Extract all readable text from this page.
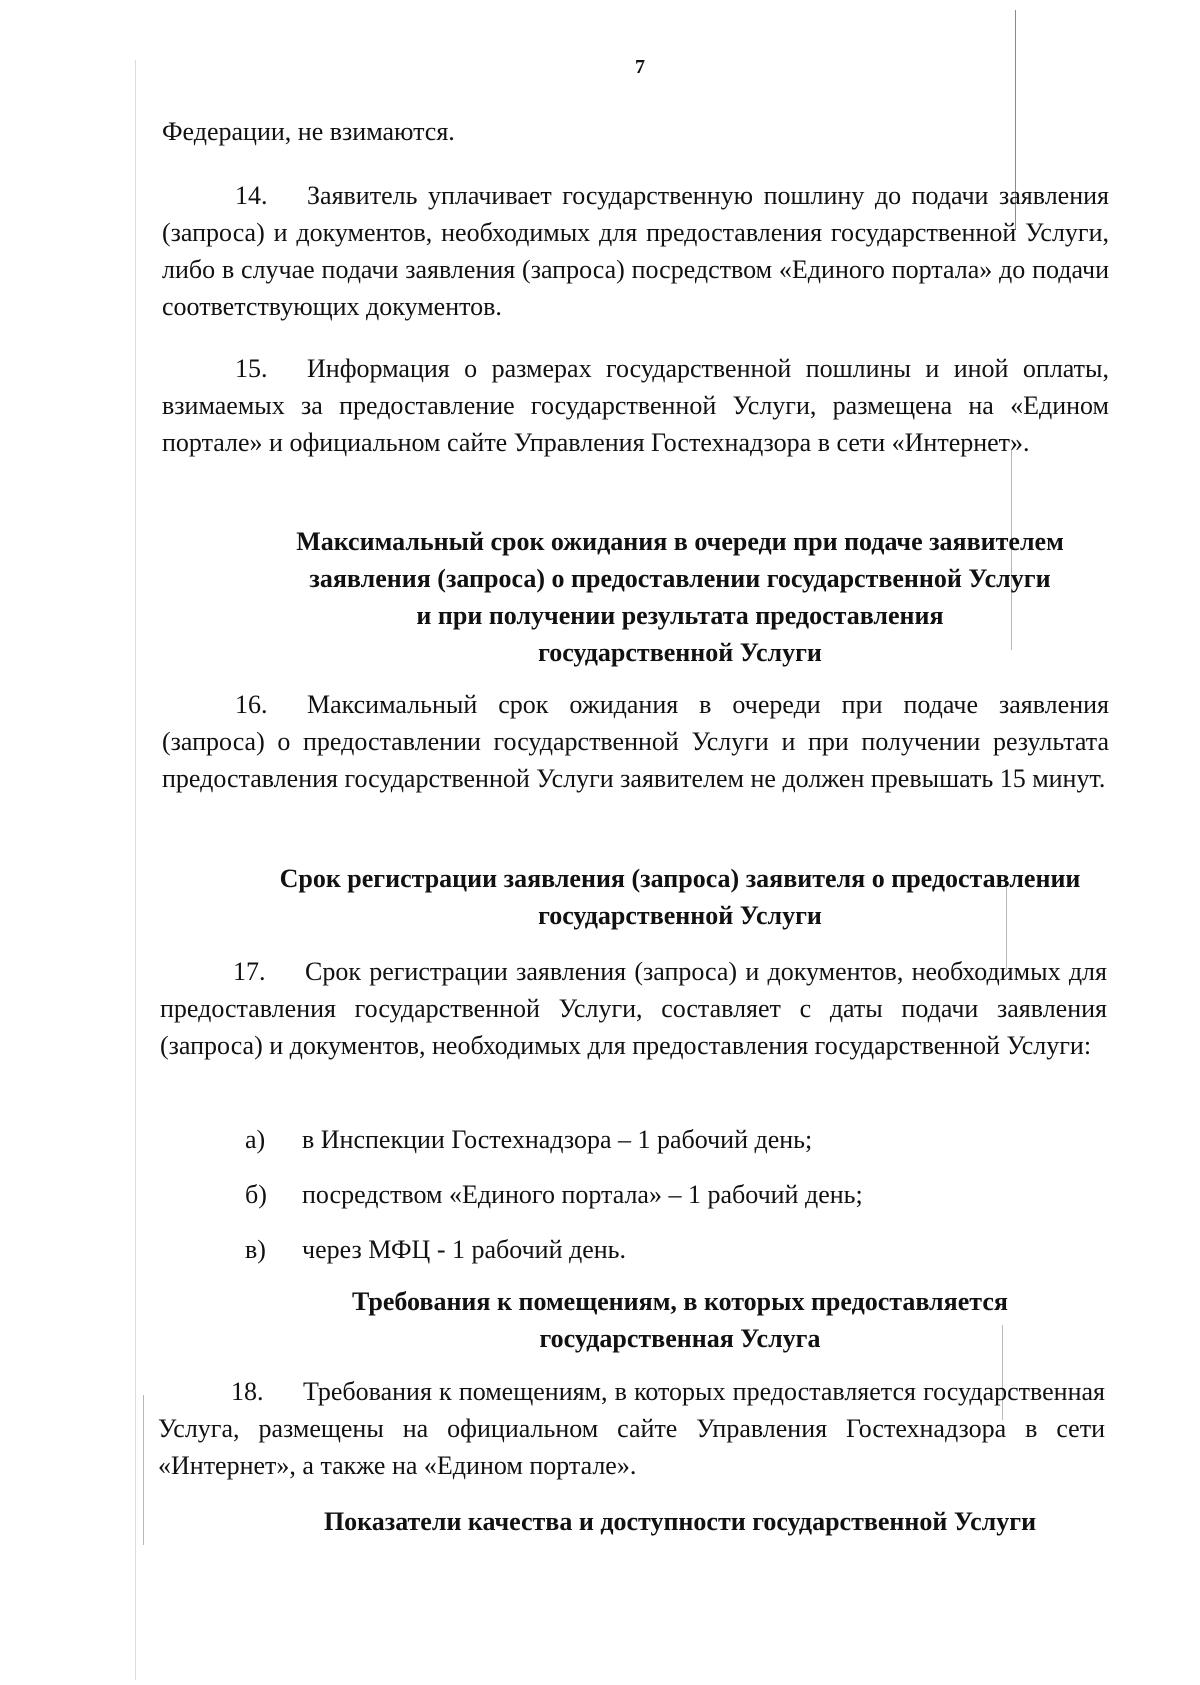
7
Федерации, не взимаются.
14. Заявитель уплачивает государственную пошлину до подачи заявления (запроса) и документов, необходимых для предоставления государственной Услуги, либо в случае подачи заявления (запроса) посредством «Единого портала» до подачи соответствующих документов.
15. Информация о размерах государственной пошлины и иной оплаты, взимаемых за предоставление государственной Услуги, размещена на «Едином портале» и официальном сайте Управления Гостехнадзора в сети «Интернет».
Максимальный срок ожидания в очереди при подаче заявителем
заявления (запроса) о предоставлении государственной Услуги
и при получении результата предоставления
государственной Услуги
16. Максимальный срок ожидания в очереди при подаче заявления (запроса) о предоставлении государственной Услуги и при получении результата предоставления государственной Услуги заявителем не должен превышать 15 минут.
Срок регистрации заявления (запроса) заявителя о предоставлении
государственной Услуги
17. Срок регистрации заявления (запроса) и документов, необходимых для предоставления государственной Услуги, составляет с даты подачи заявления (запроса) и документов, необходимых для предоставления государственной Услуги:
а)	в Инспекции Гостехнадзора – 1 рабочий день;
б)	посредством «Единого портала» – 1 рабочий день;
в)	через МФЦ - 1 рабочий день.
Требования к помещениям, в которых предоставляется
государственная Услуга
18. Требования к помещениям, в которых предоставляется государственная Услуга, размещены на официальном сайте Управления Гостехнадзора в сети «Интернет», а также на «Едином портале».
Показатели качества и доступности государственной Услуги
